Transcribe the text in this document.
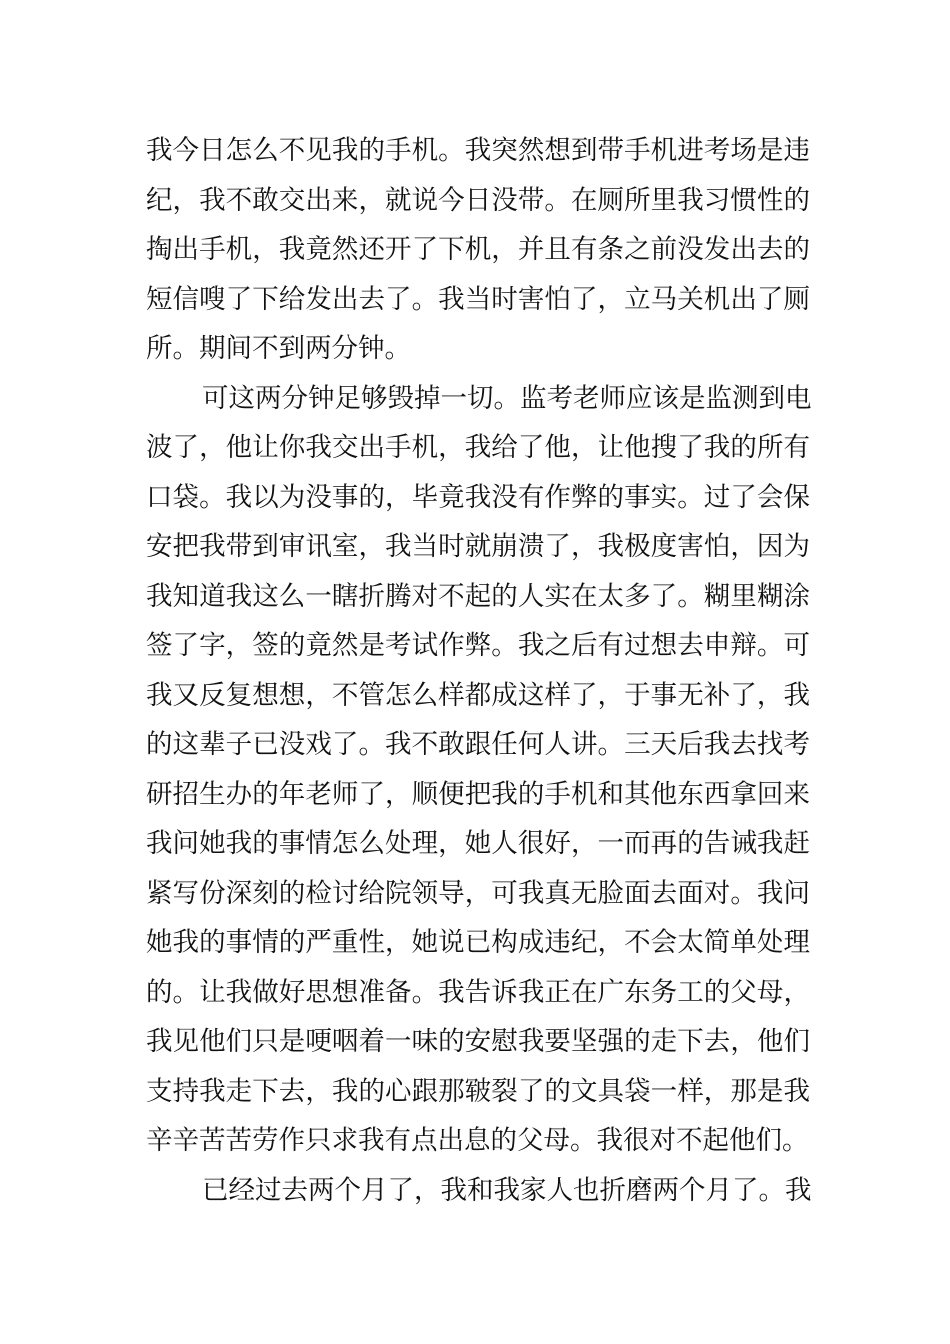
我今日怎么不见我的手机。我突然想到带手机进考场是违
纪，我不敢交出来，就说今日没带。在厕所里我习惯性的
掏出手机，我竟然还开了下机，并且有条之前没发出去的
短信嗖了下给发出去了。我当时害怕了，立马关机出了厕
所。期间不到两分钟。
可这两分钟足够毁掉一切。监考老师应该是监测到电
波了，他让你我交出手机，我给了他，让他搜了我的所有
口袋。我以为没事的，毕竟我没有作弊的事实。过了会保
安把我带到审讯室，我当时就崩溃了，我极度害怕，因为
我知道我这么一瞎折腾对不起的人实在太多了。糊里糊涂
签了字，签的竟然是考试作弊。我之后有过想去申辩。可
我又反复想想，不管怎么样都成这样了，于事无补了，我
的这辈子已没戏了。我不敢跟任何人讲。三天后我去找考
研招生办的年老师了，顺便把我的手机和其他东西拿回来
我问她我的事情怎么处理，她人很好，一而再的告诫我赶
紧写份深刻的检讨给院领导，可我真无脸面去面对。我问
她我的事情的严重性，她说已构成违纪，不会太简单处理
的。让我做好思想准备。我告诉我正在广东务工的父母，
我见他们只是哽咽着一味的安慰我要坚强的走下去，他们
支持我走下去，我的心跟那皲裂了的文具袋一样，那是我
辛辛苦苦劳作只求我有点出息的父母。我很对不起他们。
已经过去两个月了，我和我家人也折磨两个月了。我
